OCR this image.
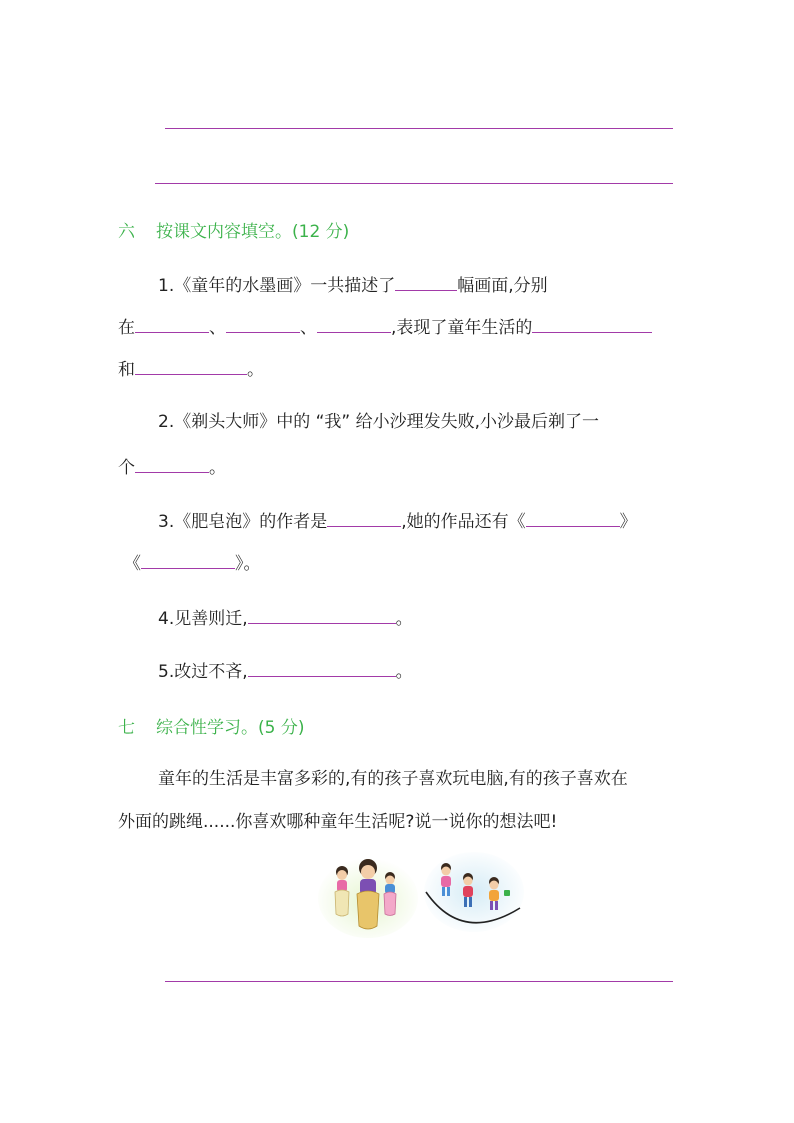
六 按课文内容填空。(12 分)
1.《童年的水墨画》一共描述了	幅画面,分别
在	、	、	,表现了童年生活的
和	。
2.《剃头大师》中的 “我” 给小沙理发失败,小沙最后剃了一
个	。
3.《肥皂泡》的作者是	,她的作品还有《	》
《	》。
4.见善则迁,	。
5.改过不吝,	。
七 综合性学习。(5 分)
童年的生活是丰富多彩的,有的孩子喜欢玩电脑,有的孩子喜欢在
外面的跳绳......你喜欢哪种童年生活呢?说一说你的想法吧!
